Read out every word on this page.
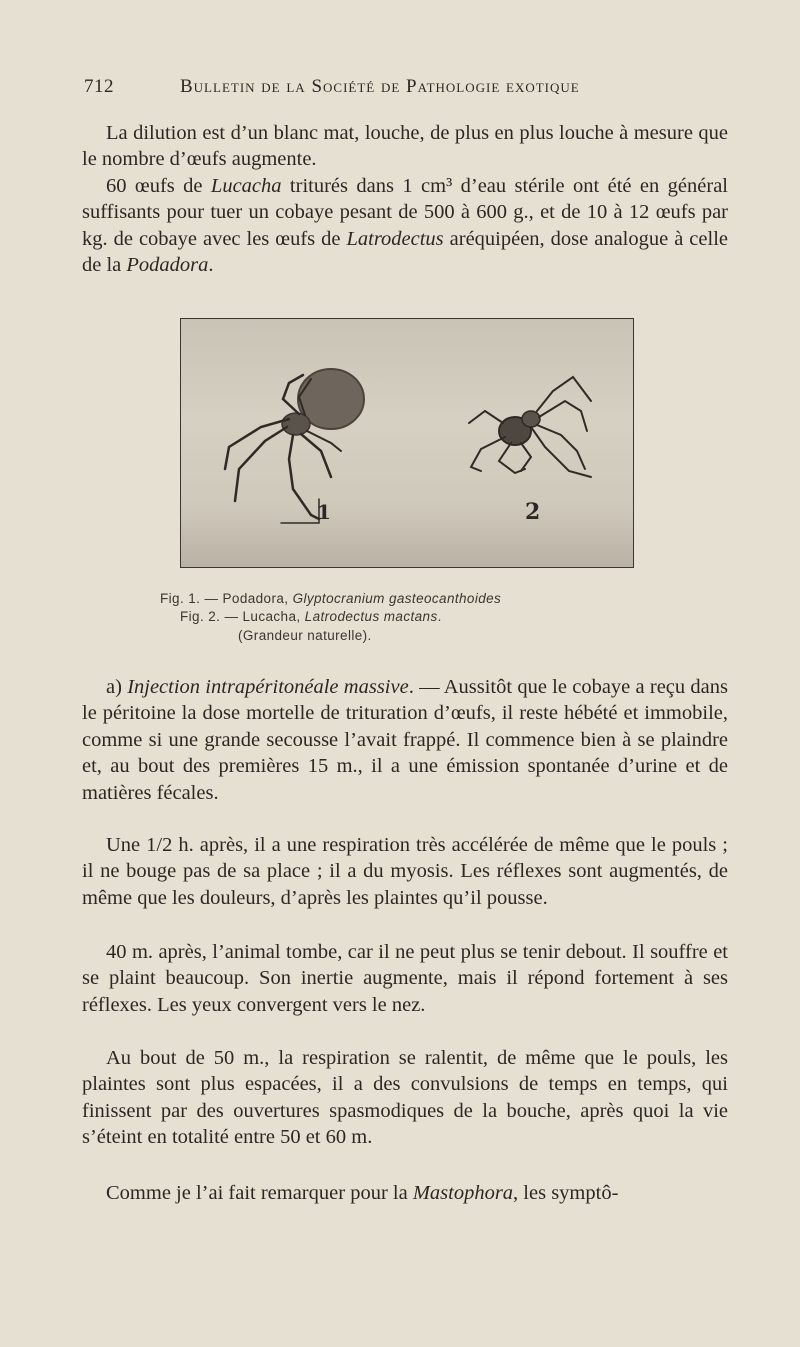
712	Bulletin de la Société de Pathologie exotique

La dilution est d’un blanc mat, louche, de plus en plus louche à mesure que le nombre d’œufs augmente.

60 œufs de Lucacha triturés dans 1 cm³ d’eau stérile ont été en général suffisants pour tuer un cobaye pesant de 500 à 600 g., et de 10 à 12 œufs par kg. de cobaye avec les œufs de Latrodectus aréquipéen, dose analogue à celle de la Podadora.

1	2
Fig. 1. — Podadora, Glyptocranium gasteocanthoides
Fig. 2. — Lucacha, Latrodectus mactans.
(Grandeur naturelle).

a) Injection intrapéritonéale massive. — Aussitôt que le cobaye a reçu dans le péritoine la dose mortelle de trituration d’œufs, il reste hébété et immobile, comme si une grande secousse l’avait frappé. Il commence bien à se plaindre et, au bout des premières 15 m., il a une émission spontanée d’urine et de matières fécales.

Une 1/2 h. après, il a une respiration très accélérée de même que le pouls ; il ne bouge pas de sa place ; il a du myosis. Les réflexes sont augmentés, de même que les douleurs, d’après les plaintes qu’il pousse.

40 m. après, l’animal tombe, car il ne peut plus se tenir debout. Il souffre et se plaint beaucoup. Son inertie augmente, mais il répond fortement à ses réflexes. Les yeux convergent vers le nez.

Au bout de 50 m., la respiration se ralentit, de même que le pouls, les plaintes sont plus espacées, il a des convulsions de temps en temps, qui finissent par des ouvertures spasmodiques de la bouche, après quoi la vie s’éteint en totalité entre 50 et 60 m.

Comme je l’ai fait remarquer pour la Mastophora, les symptô-
